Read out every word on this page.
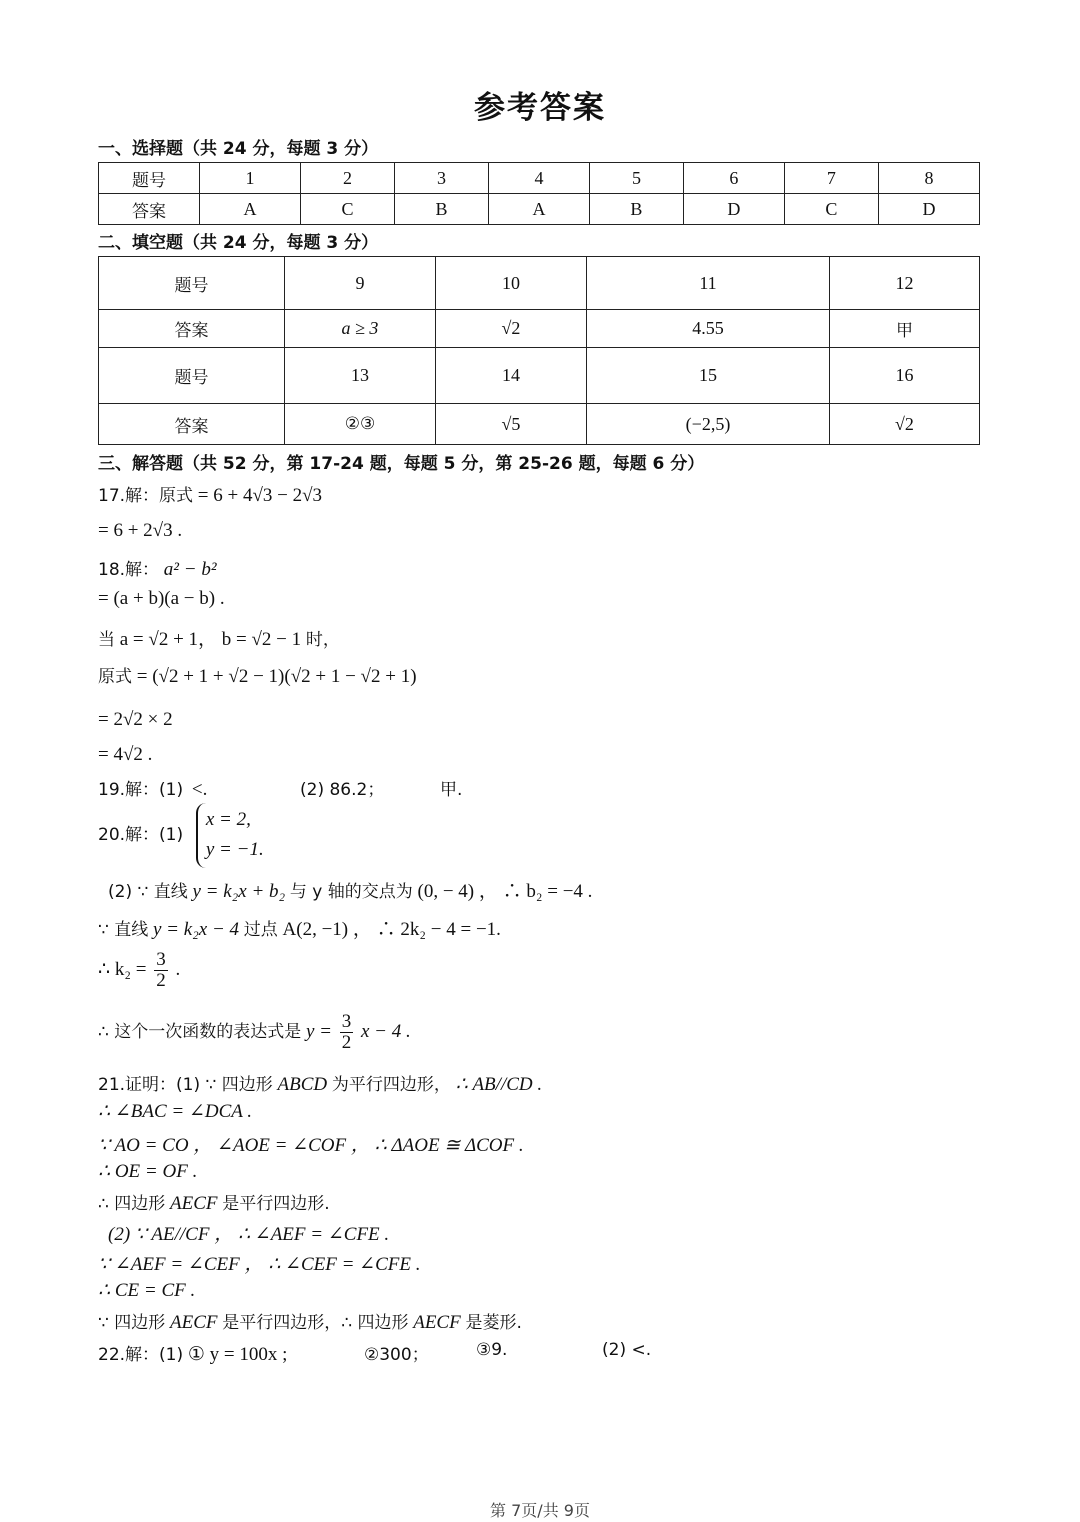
参考答案
一、选择题（共 24 分，每题 3 分）
题号	1	2	3	4	5	6	7	8
答案	A	C	B	A	B	D	C	D
二、填空题（共 24 分，每题 3 分）
题号	9	10	11	12
答案	a ≥ 3	√2	4.55	甲
题号	13	14	15	16
答案	②③	√5	(−2,5)	√2
三、解答题（共 52 分，第 17-24 题，每题 5 分，第 25-26 题，每题 6 分）
17.解：原式 = 6 + 4√3 − 2√3
= 6 + 2√3 .
18.解： a² − b²
= (a + b)(a − b) .
当 a = √2 + 1， b = √2 − 1 时，
原式 = (√2 + 1 + √2 − 1)(√2 + 1 − √2 + 1)
= 2√2 × 2
= 4√2 .
19.解：(1) <.	(2) 86.2；	甲.
20.解：(1)
x = 2,
y = −1.
(2) ∵ 直线 y = k₂x + b₂ 与 y 轴的交点为 (0, − 4) ， ∴ b₂ = −4 .
∵ 直线 y = k₂x − 4 过点 A(2, −1) ， ∴ 2k₂ − 4 = −1.
∴ $k_2 = \frac{3}{2}$ .
∴ 这个一次函数的表达式是 $y = \frac{3}{2}$ x − 4 .
21.证明：(1) ∵ 四边形 ABCD 为平行四边形， ∴ AB//CD .
∴ ∠BAC = ∠DCA .
∵ AO = CO ， ∠AOE = ∠COF ， ∴ ΔAOE ≅ ΔCOF .
∴ OE = OF .
∴ 四边形 AECF 是平行四边形.
(2) ∵ AE//CF ， ∴ ∠AEF = ∠CFE .
∵ ∠AEF = ∠CEF ， ∴ ∠CEF = ∠CFE .
∴ CE = CF .
∵ 四边形 AECF 是平行四边形，∴ 四边形 AECF 是菱形.
22.解：(1) ① y = 100x ;	②300；	③9.	(2) <.
第 7页/共 9页
